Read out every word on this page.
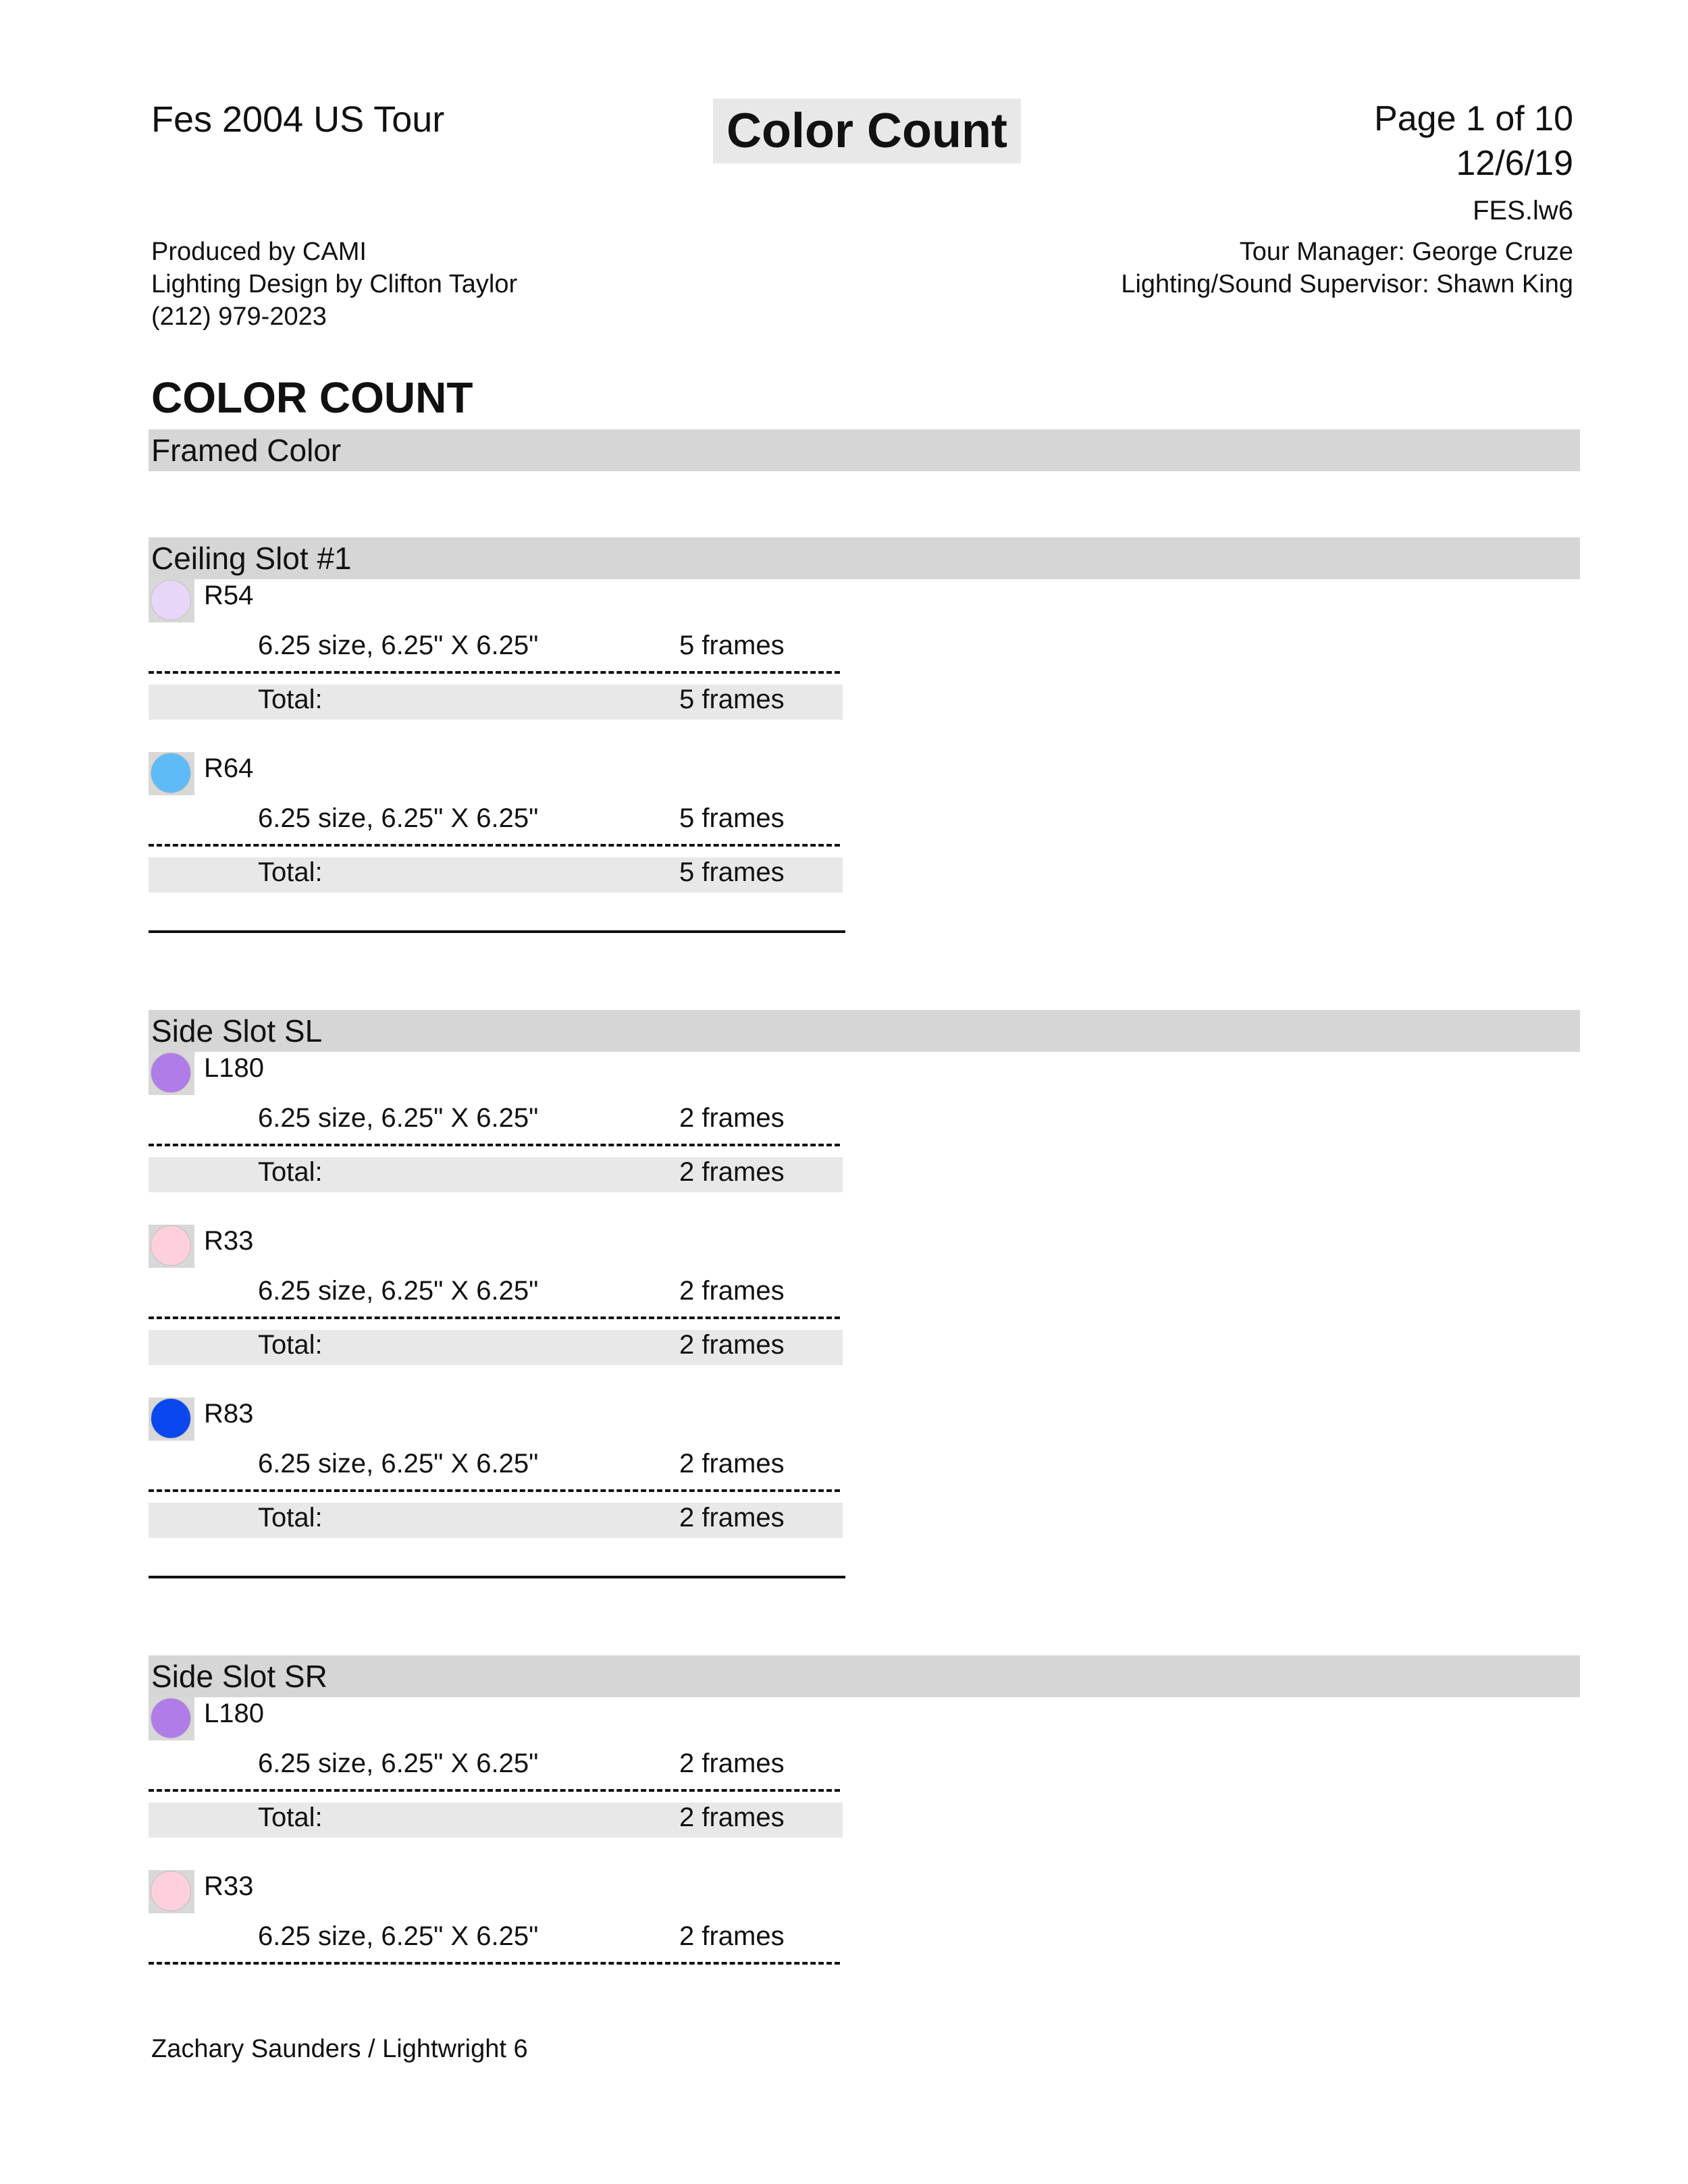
Fes 2004 US Tour	Color Count	Page 1 of 10
12/6/19
FES.lw6
Produced by CAMI
Lighting Design by Clifton Taylor
(212) 979-2023
Tour Manager: George Cruze
Lighting/Sound Supervisor: Shawn King
COLOR COUNT
Framed Color
Ceiling Slot #1
R54
6.25 size, 6.25" X 6.25"	5 frames
Total:	5 frames
R64
6.25 size, 6.25" X 6.25"	5 frames
Total:	5 frames
Side Slot SL
L180
6.25 size, 6.25" X 6.25"	2 frames
Total:	2 frames
R33
6.25 size, 6.25" X 6.25"	2 frames
Total:	2 frames
R83
6.25 size, 6.25" X 6.25"	2 frames
Total:	2 frames
Side Slot SR
L180
6.25 size, 6.25" X 6.25"	2 frames
Total:	2 frames
R33
6.25 size, 6.25" X 6.25"	2 frames
Zachary Saunders / Lightwright 6
